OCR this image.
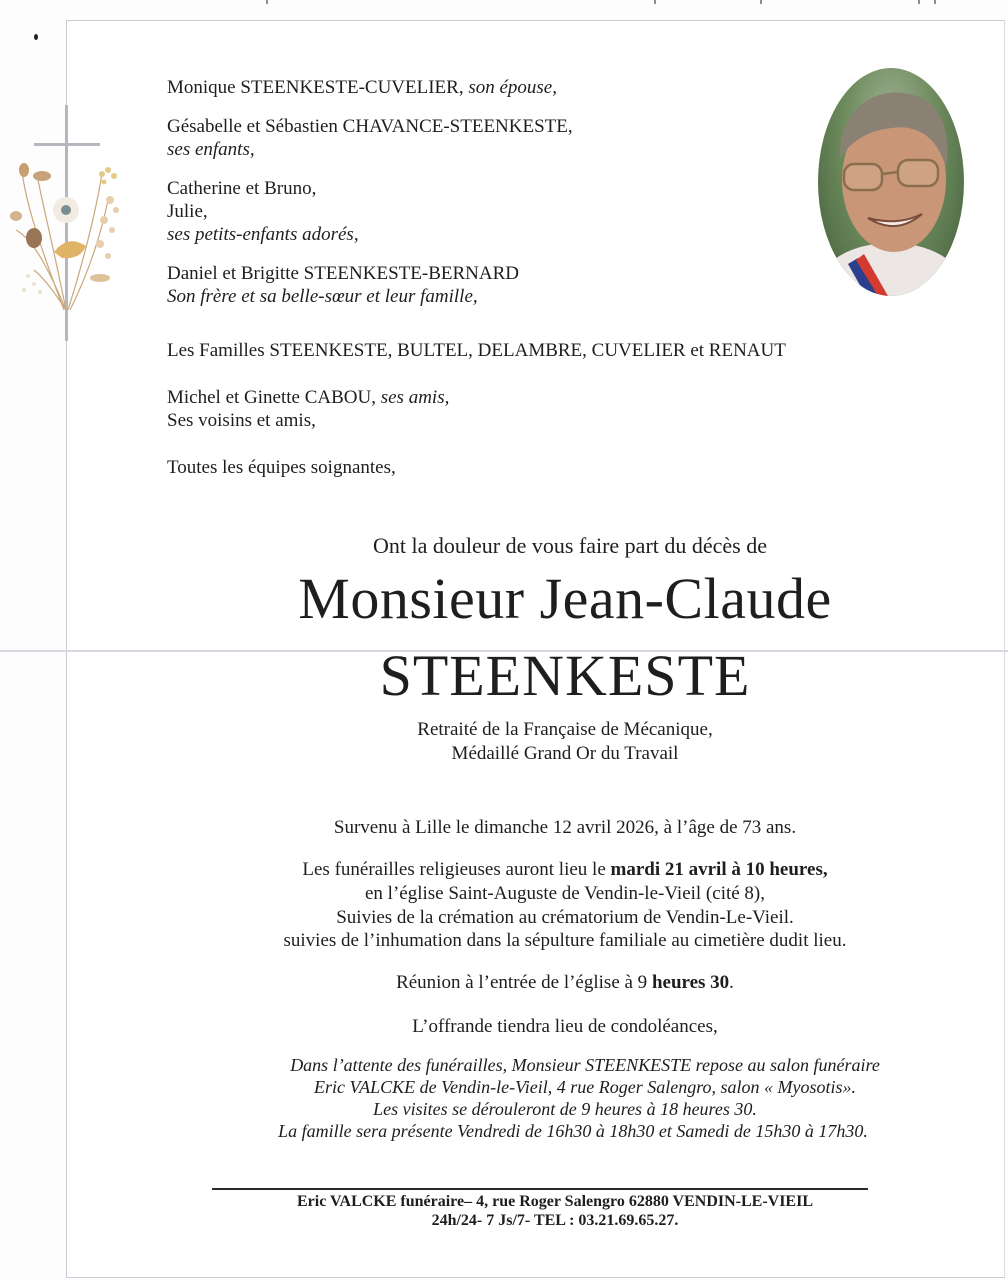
Monique STEENKESTE-CUVELIER, son épouse,
Gésabelle et Sébastien CHAVANCE-STEENKESTE,
ses enfants,
Catherine et Bruno,
Julie,
ses petits-enfants adorés,
Daniel et Brigitte STEENKESTE-BERNARD
Son frère et sa belle-sœur et leur famille,
Les Familles STEENKESTE, BULTEL, DELAMBRE, CUVELIER et RENAUT
Michel et Ginette CABOU, ses amis,
Ses voisins et amis,
Toutes les équipes soignantes,
Ont la douleur de vous faire part du décès de
Monsieur Jean-Claude
STEENKESTE
Retraité de la Française de Mécanique,
Médaillé Grand Or du Travail
Survenu à Lille le dimanche 12 avril 2026, à l’âge de 73 ans.
Les funérailles religieuses auront lieu le mardi 21 avril à 10 heures,
en l’église Saint-Auguste de Vendin-le-Vieil (cité 8),
Suivies de la crémation au crématorium de Vendin-Le-Vieil.
suivies de l’inhumation dans la sépulture familiale au cimetière dudit lieu.
Réunion à l’entrée de l’église à 9 heures 30.
L’offrande tiendra lieu de condoléances,
Dans l’attente des funérailles, Monsieur STEENKESTE repose au salon funéraire
Eric VALCKE de Vendin-le-Vieil, 4 rue Roger Salengro, salon « Myosotis».
Les visites se dérouleront de 9 heures à 18 heures 30.
La famille sera présente Vendredi de 16h30 à 18h30 et Samedi de 15h30 à 17h30.
Eric VALCKE funéraire– 4, rue Roger Salengro 62880 VENDIN-LE-VIEIL
24h/24- 7 Js/7- TEL : 03.21.69.65.27.
